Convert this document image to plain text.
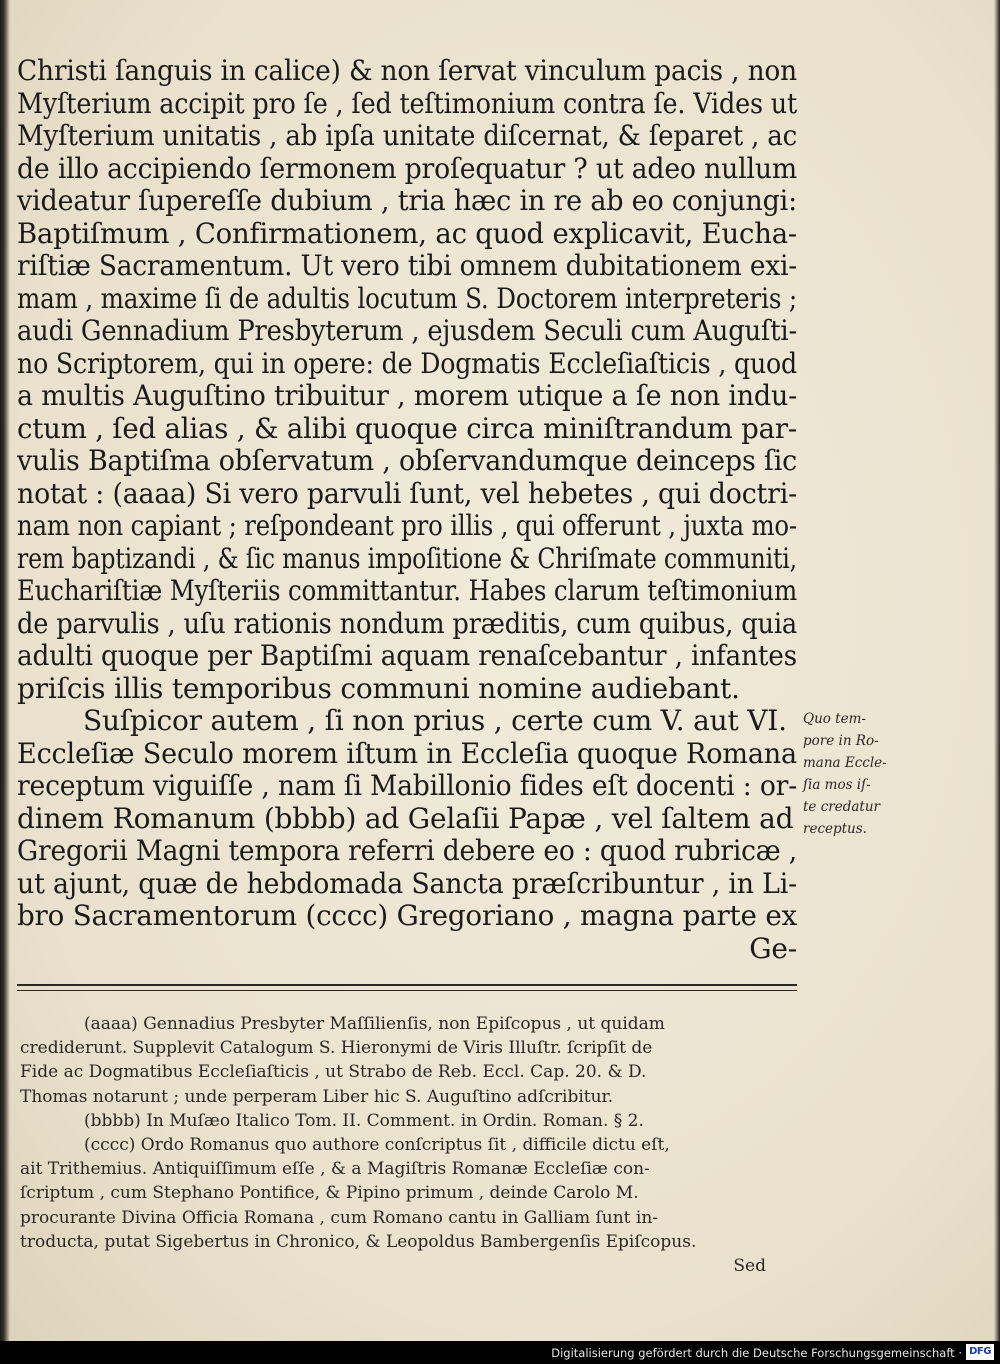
Christi ſanguis in calice) & non ſervat vinculum pacis , non
Myſterium accipit pro ſe , ſed teſtimonium contra ſe. Vides ut
Myſterium unitatis , ab ipſa unitate diſcernat, & ſeparet , ac
de illo accipiendo ſermonem proſequatur ? ut adeo nullum
videatur ſupereſſe dubium , tria hæc in re ab eo conjungi:
Baptiſmum , Confirmationem, ac quod explicavit, Eucha-
riſtiæ Sacramentum. Ut vero tibi omnem dubitationem exi-
mam , maxime ſi de adultis locutum S. Doctorem interpreteris ;
audi Gennadium Presbyterum , ejusdem Seculi cum Auguſti-
no Scriptorem, qui in opere: de Dogmatis Eccleſiaſticis , quod
a multis Auguſtino tribuitur , morem utique a ſe non indu-
ctum , ſed alias , & alibi quoque circa miniſtrandum par-
vulis Baptiſma obſervatum , obſervandumque deinceps ſic
notat : (aaaa) Si vero parvuli ſunt, vel hebetes , qui doctri-
nam non capiant ; reſpondeant pro illis , qui offerunt , juxta mo-
rem baptizandi , & ſic manus impoſitione & Chriſmate communiti,
Euchariſtiæ Myſteriis committantur. Habes clarum teſtimonium
de parvulis , uſu rationis nondum præditis, cum quibus, quia
adulti quoque per Baptiſmi aquam renaſcebantur , infantes
priſcis illis temporibus communi nomine audiebant.
Suſpicor autem , ſi non prius , certe cum V. aut VI.
Eccleſiæ Seculo morem iſtum in Eccleſia quoque Romana
receptum viguiſſe , nam ſi Mabillonio fides eſt docenti : or-
dinem Romanum (bbbb) ad Gelaſii Papæ , vel ſaltem ad
Gregorii Magni tempora referri debere eo : quod rubricæ ,
ut ajunt, quæ de hebdomada Sancta præſcribuntur , in Li-
bro Sacramentorum (cccc) Gregoriano , magna parte ex
Ge-
Quo tem-
pore in Ro-
mana Eccle-
ſia mos iſ-
te credatur
receptus.
(aaaa) Gennadius Presbyter Maſſilienſis, non Epiſcopus , ut quidam
crediderunt. Supplevit Catalogum S. Hieronymi de Viris Illuſtr. ſcripſit de
Fide ac Dogmatibus Eccleſiaſticis , ut Strabo de Reb. Eccl. Cap. 20. & D.
Thomas notarunt ; unde perperam Liber hic S. Auguſtino adſcribitur.
(bbbb) In Muſæo Italico Tom. II. Comment. in Ordin. Roman. § 2.
(cccc) Ordo Romanus quo authore conſcriptus ſit , difficile dictu eſt,
ait Trithemius. Antiquiſſimum eſſe , & a Magiſtris Romanæ Eccleſiæ con-
ſcriptum , cum Stephano Pontifice, & Pipino primum , deinde Carolo M.
procurante Divina Officia Romana , cum Romano cantu in Galliam ſunt in-
troducta, putat Sigebertus in Chronico, & Leopoldus Bambergenſis Epiſcopus.
Sed
Digitalisierung gefördert durch die Deutsche Forschungsgemeinschaft · DFG
